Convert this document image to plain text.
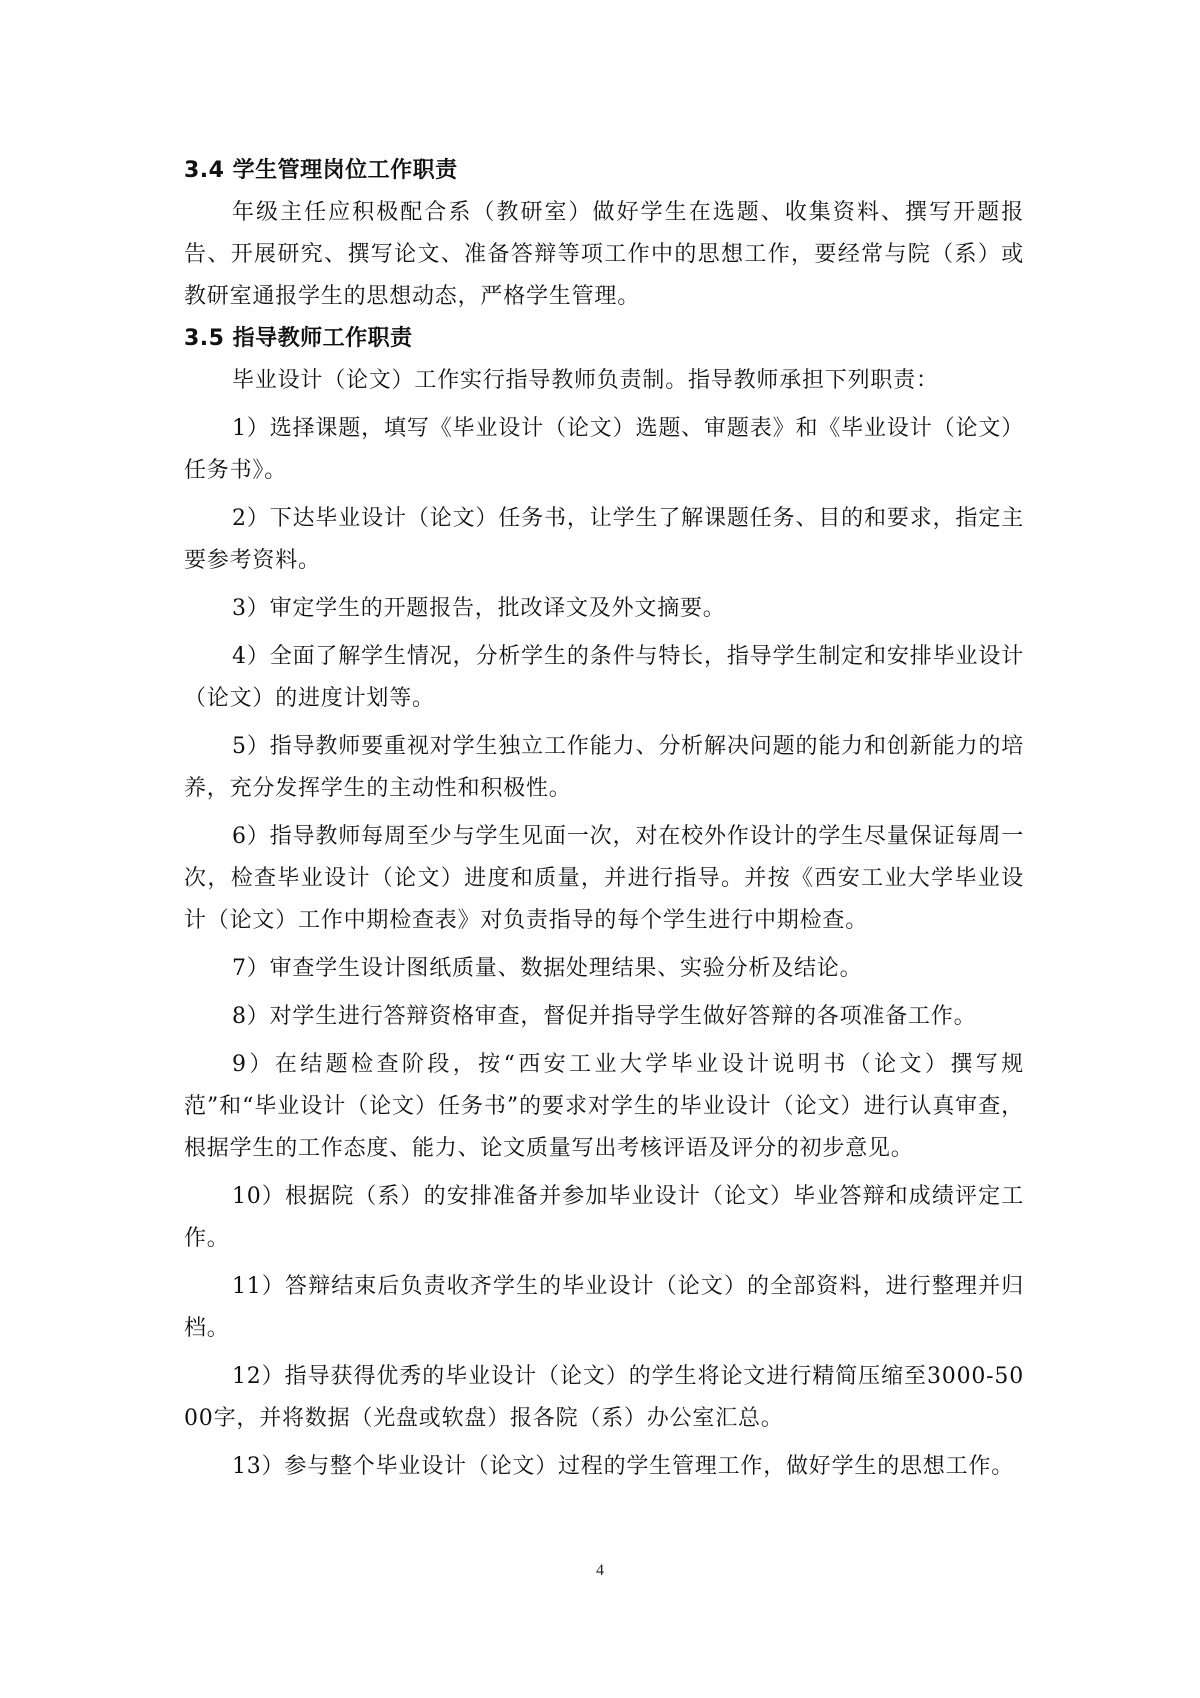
3.4 学生管理岗位工作职责

年级主任应积极配合系（教研室）做好学生在选题、收集资料、撰写开题报告、开展研究、撰写论文、准备答辩等项工作中的思想工作，要经常与院（系）或教研室通报学生的思想动态，严格学生管理。

3.5 指导教师工作职责

毕业设计（论文）工作实行指导教师负责制。指导教师承担下列职责：

1）选择课题，填写《毕业设计（论文）选题、审题表》和《毕业设计（论文）任务书》。

2）下达毕业设计（论文）任务书，让学生了解课题任务、目的和要求，指定主要参考资料。

3）审定学生的开题报告，批改译文及外文摘要。

4）全面了解学生情况，分析学生的条件与特长，指导学生制定和安排毕业设计（论文）的进度计划等。

5）指导教师要重视对学生独立工作能力、分析解决问题的能力和创新能力的培养，充分发挥学生的主动性和积极性。

6）指导教师每周至少与学生见面一次，对在校外作设计的学生尽量保证每周一次，检查毕业设计（论文）进度和质量，并进行指导。并按《西安工业大学毕业设计（论文）工作中期检查表》对负责指导的每个学生进行中期检查。

7）审查学生设计图纸质量、数据处理结果、实验分析及结论。

8）对学生进行答辩资格审查，督促并指导学生做好答辩的各项准备工作。

9）在结题检查阶段，按“西安工业大学毕业设计说明书（论文）撰写规范”和“毕业设计（论文）任务书”的要求对学生的毕业设计（论文）进行认真审查，根据学生的工作态度、能力、论文质量写出考核评语及评分的初步意见。

10）根据院（系）的安排准备并参加毕业设计（论文）毕业答辩和成绩评定工作。

11）答辩结束后负责收齐学生的毕业设计（论文）的全部资料，进行整理并归档。

12）指导获得优秀的毕业设计（论文）的学生将论文进行精简压缩至3000-5000字，并将数据（光盘或软盘）报各院（系）办公室汇总。

13）参与整个毕业设计（论文）过程的学生管理工作，做好学生的思想工作。

4
